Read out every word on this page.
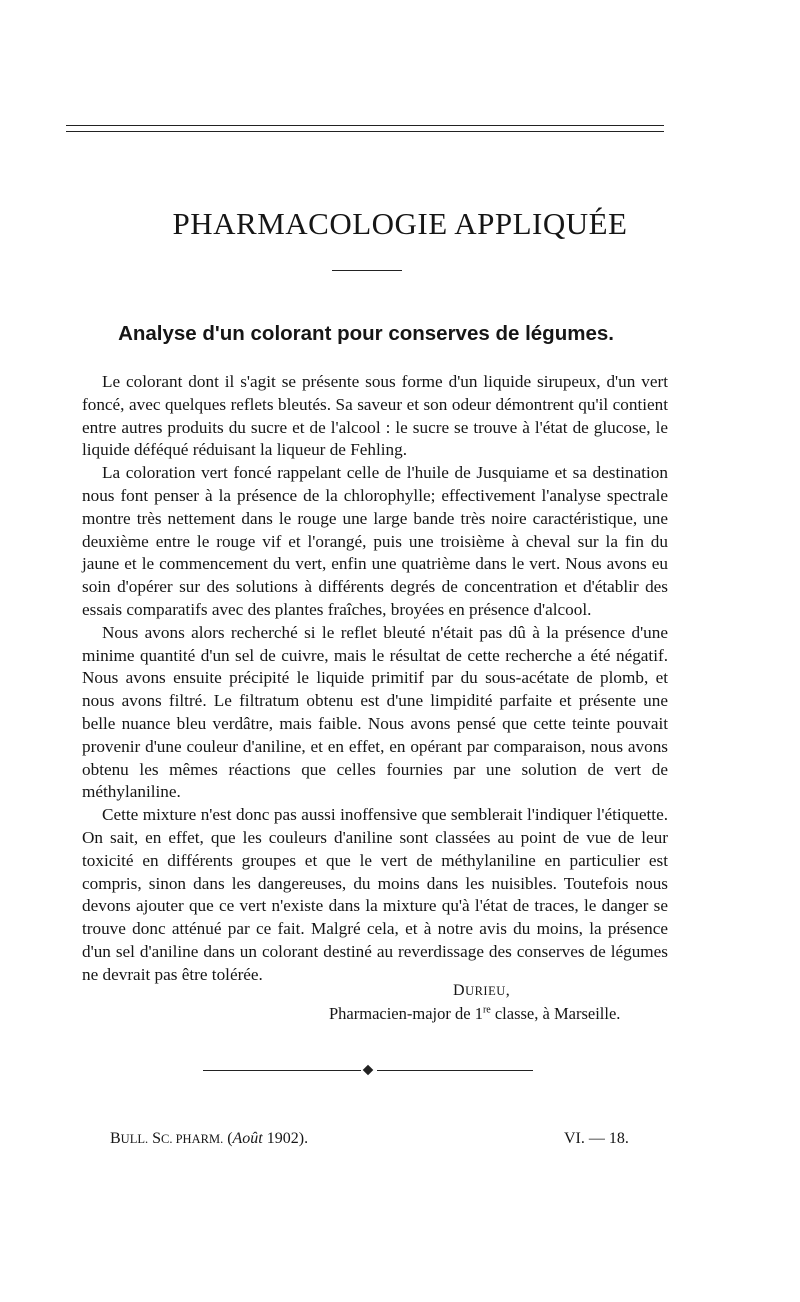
PHARMACOLOGIE APPLIQUÉE
Analyse d'un colorant pour conserves de légumes.

Le colorant dont il s'agit se présente sous forme d'un liquide sirupeux, d'un vert foncé, avec quelques reflets bleutés. Sa saveur et son odeur démontrent qu'il contient entre autres produits du sucre et de l'alcool : le sucre se trouve à l'état de glucose, le liquide déféqué réduisant la liqueur de Fehling.

La coloration vert foncé rappelant celle de l'huile de Jusquiame et sa destination nous font penser à la présence de la chlorophylle; effectivement l'analyse spectrale montre très nettement dans le rouge une large bande très noire caractéristique, une deuxième entre le rouge vif et l'orangé, puis une troisième à cheval sur la fin du jaune et le commencement du vert, enfin une quatrième dans le vert. Nous avons eu soin d'opérer sur des solutions à différents degrés de concentration et d'établir des essais comparatifs avec des plantes fraîches, broyées en présence d'alcool.

Nous avons alors recherché si le reflet bleuté n'était pas dû à la présence d'une minime quantité d'un sel de cuivre, mais le résultat de cette recherche a été négatif. Nous avons ensuite précipité le liquide primitif par du sous-acétate de plomb, et nous avons filtré. Le filtratum obtenu est d'une limpidité parfaite et présente une belle nuance bleu verdâtre, mais faible. Nous avons pensé que cette teinte pouvait provenir d'une couleur d'aniline, et en effet, en opérant par comparaison, nous avons obtenu les mêmes réactions que celles fournies par une solution de vert de méthylaniline.

Cette mixture n'est donc pas aussi inoffensive que semblerait l'indiquer l'étiquette. On sait, en effet, que les couleurs d'aniline sont classées au point de vue de leur toxicité en différents groupes et que le vert de méthylaniline en particulier est compris, sinon dans les dangereuses, du moins dans les nuisibles. Toutefois nous devons ajouter que ce vert n'existe dans la mixture qu'à l'état de traces, le danger se trouve donc atténué par ce fait. Malgré cela, et à notre avis du moins, la présence d'un sel d'aniline dans un colorant destiné au reverdissage des conserves de légumes ne devrait pas être tolérée.

DURIEU,
Pharmacien-major de 1re classe, à Marseille.
BULL. SC. PHARM. (Août 1902).	VI. — 18.
